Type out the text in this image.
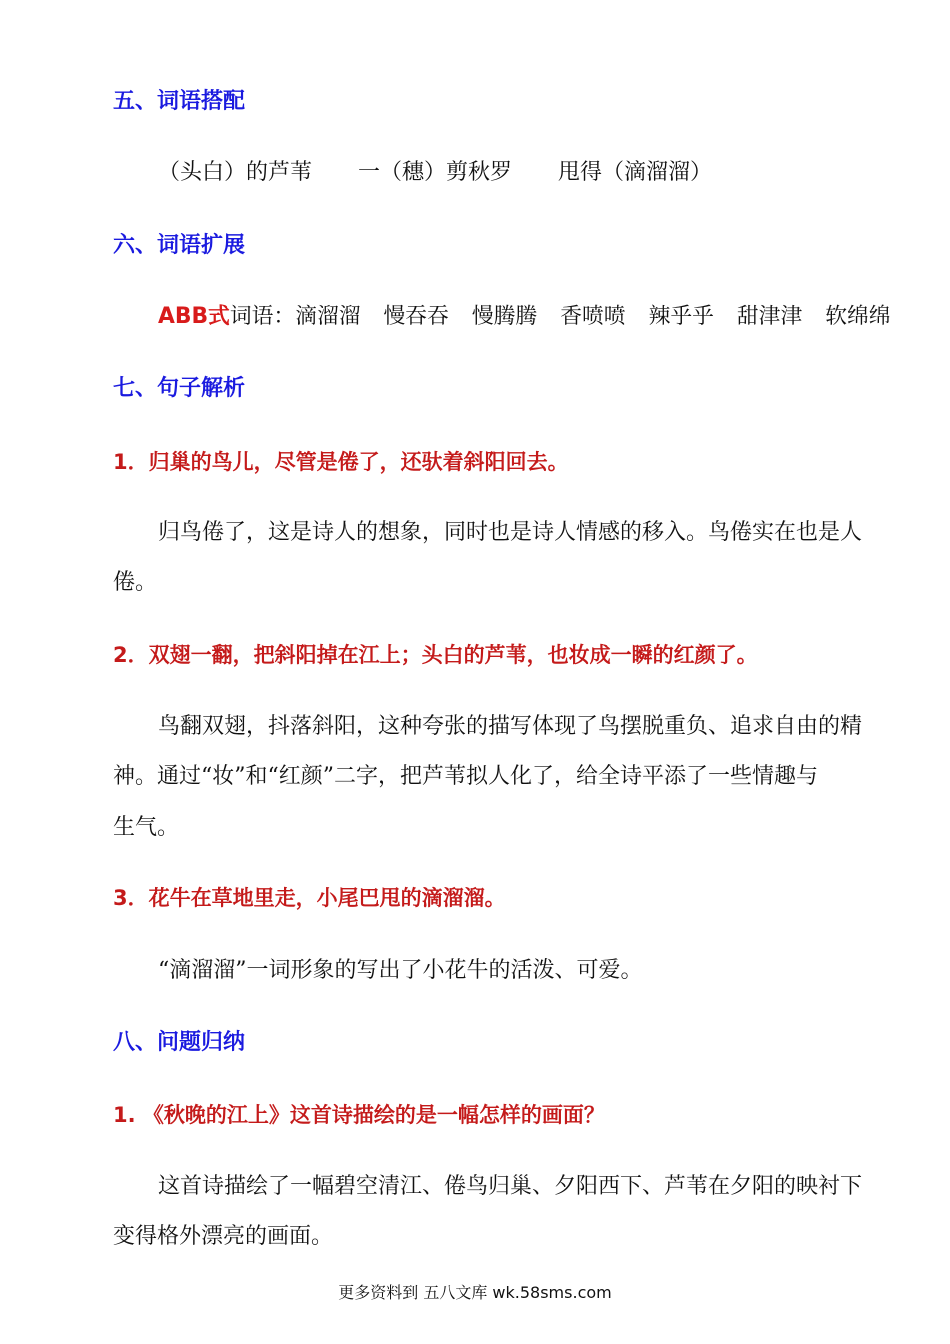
五、词语搭配
（头白）的芦苇 一（穗）剪秋罗 甩得（滴溜溜）
六、词语扩展
ABB式词语：滴溜溜 慢吞吞 慢腾腾 香喷喷 辣乎乎 甜津津 软绵绵
七、句子解析
1．归巢的鸟儿，尽管是倦了，还驮着斜阳回去。
归鸟倦了，这是诗人的想象，同时也是诗人情感的移入。鸟倦实在也是人
倦。
2．双翅一翻，把斜阳掉在江上；头白的芦苇，也妆成一瞬的红颜了。
鸟翻双翅，抖落斜阳，这种夸张的描写体现了鸟摆脱重负、追求自由的精
神。通过“妆”和“红颜”二字，把芦苇拟人化了，给全诗平添了一些情趣与
生气。
3．花牛在草地里走，小尾巴甩的滴溜溜。
“滴溜溜”一词形象的写出了小花牛的活泼、可爱。
八、问题归纳
1. 《秋晚的江上》这首诗描绘的是一幅怎样的画面？
这首诗描绘了一幅碧空清江、倦鸟归巢、夕阳西下、芦苇在夕阳的映衬下
变得格外漂亮的画面。
更多资料到 五八文库 wk.58sms.com
